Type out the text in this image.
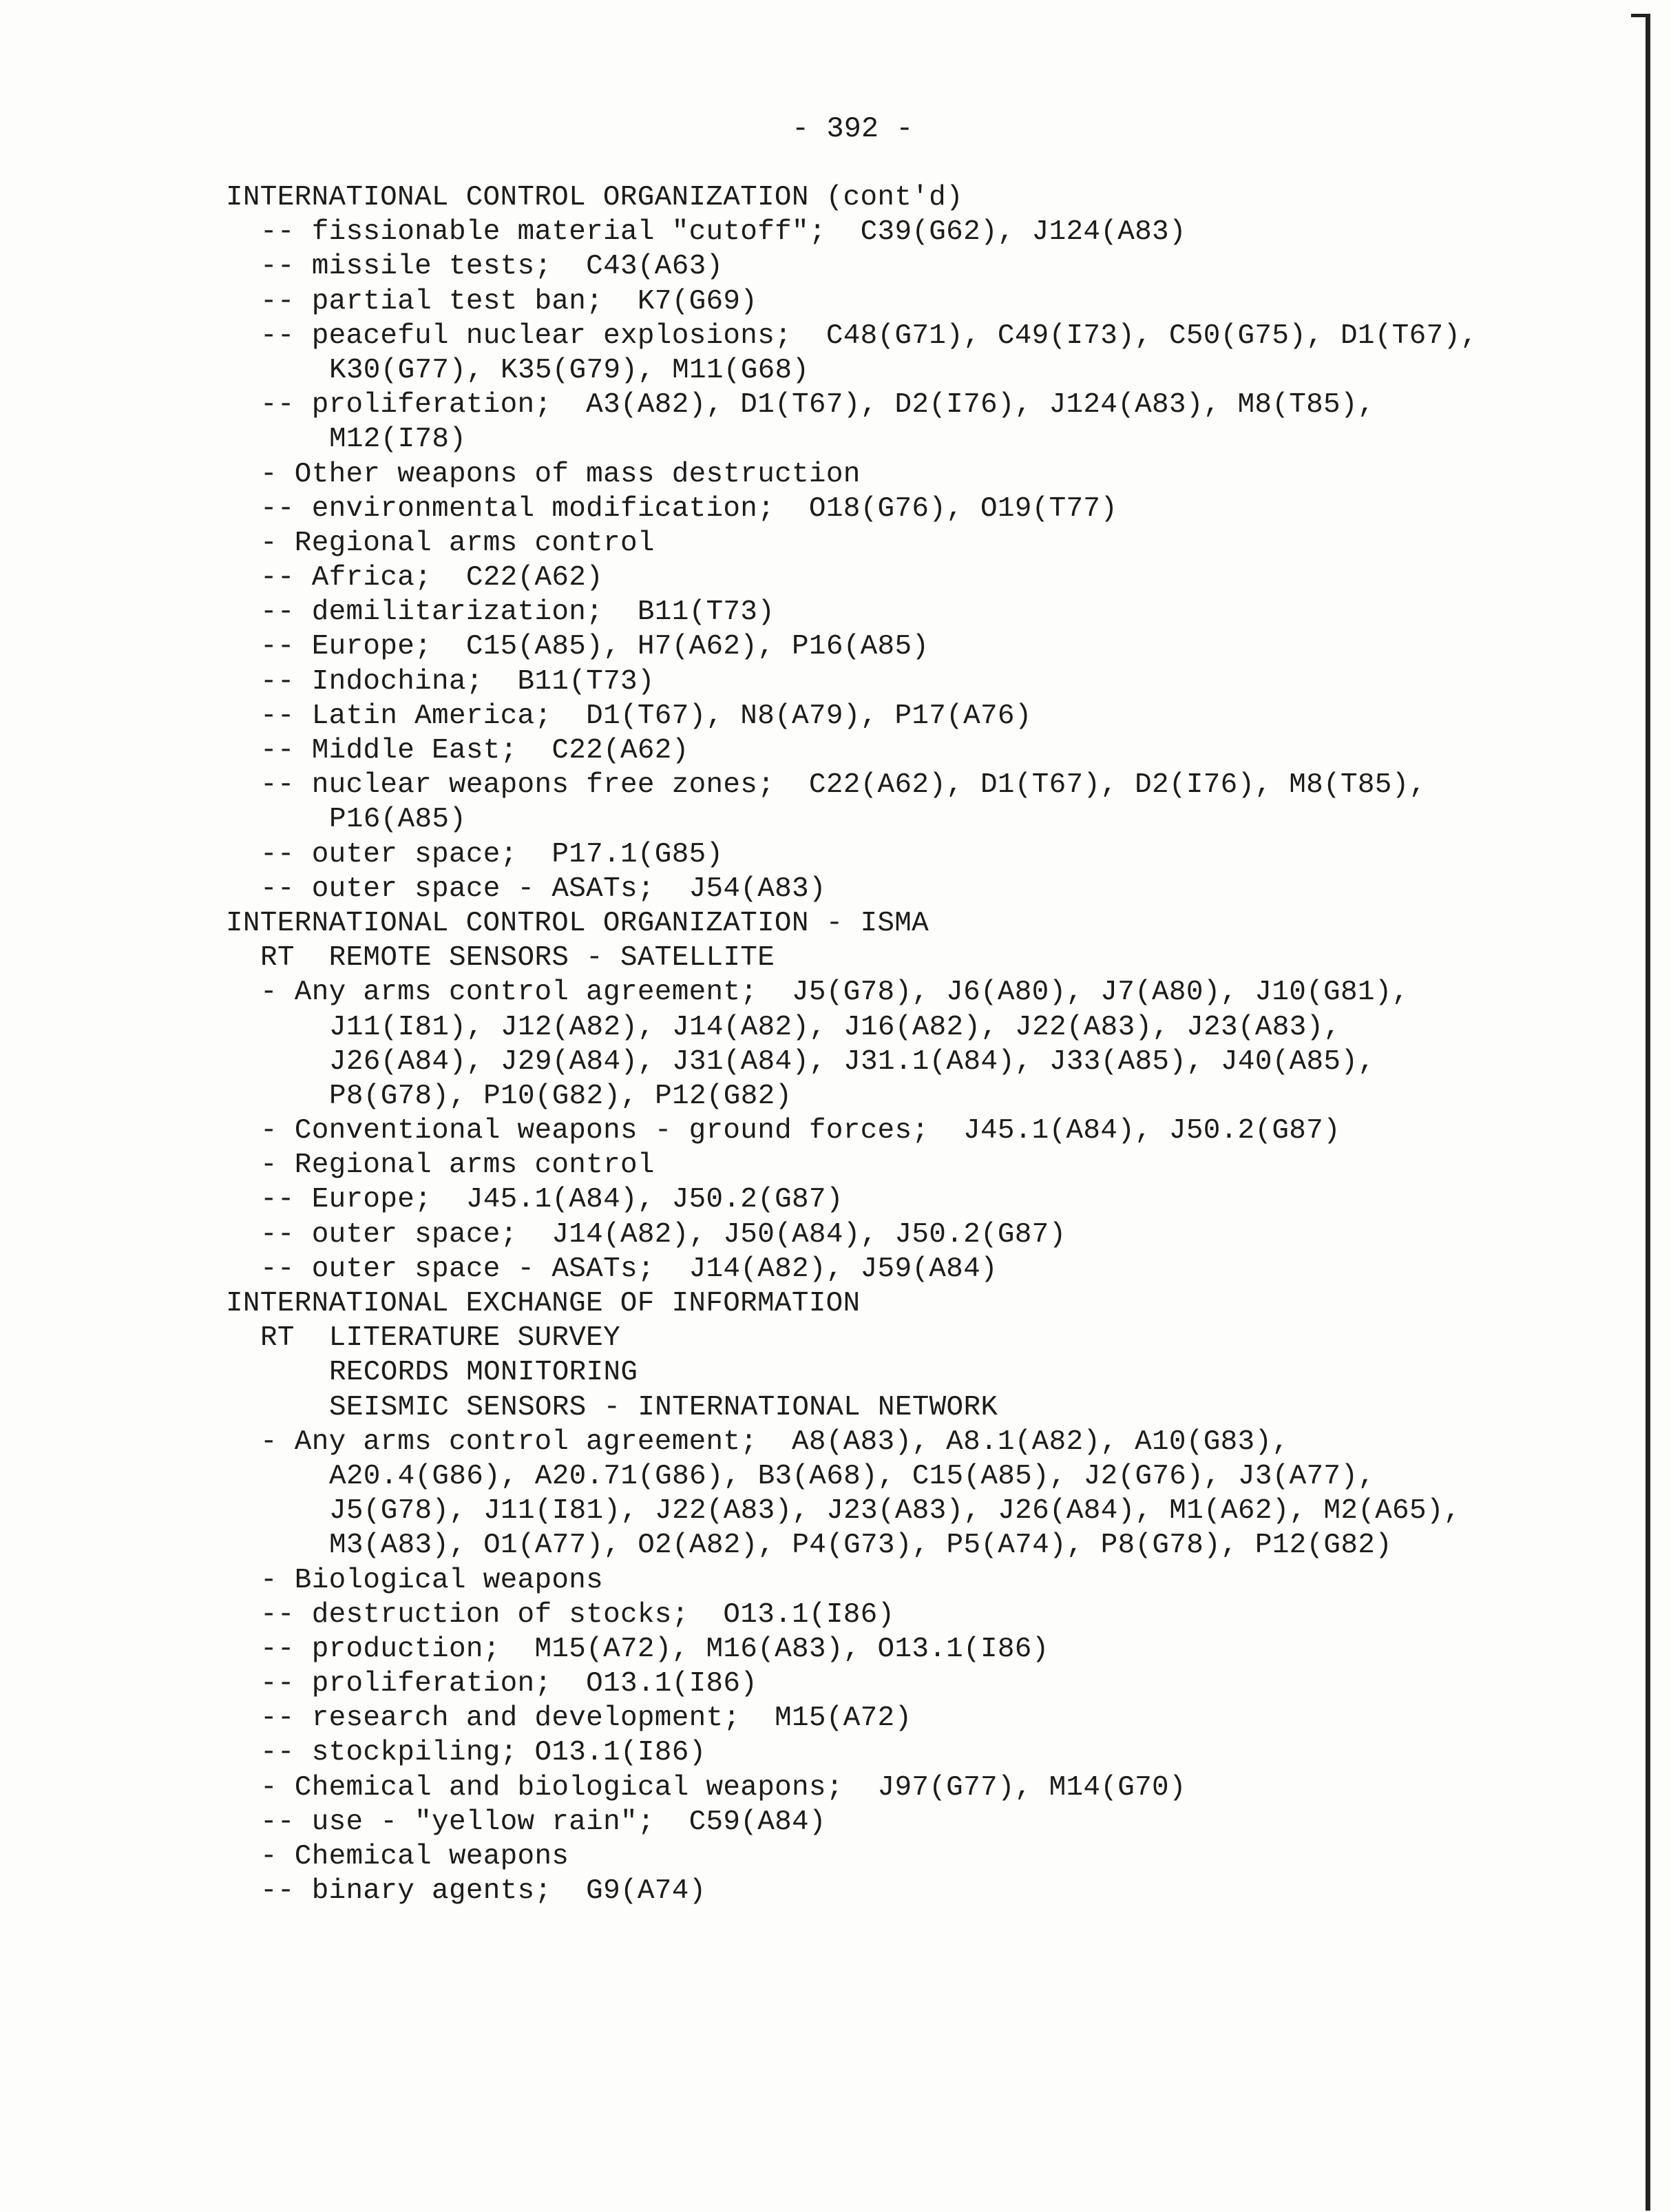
- 392 -
INTERNATIONAL CONTROL ORGANIZATION (cont'd)
-- fissionable material "cutoff";  C39(G62), J124(A83)
-- missile tests;  C43(A63)
-- partial test ban;  K7(G69)
-- peaceful nuclear explosions;  C48(G71), C49(I73), C50(G75), D1(T67),
K30(G77), K35(G79), M11(G68)
-- proliferation;  A3(A82), D1(T67), D2(I76), J124(A83), M8(T85),
M12(I78)
- Other weapons of mass destruction
-- environmental modification;  O18(G76), O19(T77)
- Regional arms control
-- Africa;  C22(A62)
-- demilitarization;  B11(T73)
-- Europe;  C15(A85), H7(A62), P16(A85)
-- Indochina;  B11(T73)
-- Latin America;  D1(T67), N8(A79), P17(A76)
-- Middle East;  C22(A62)
-- nuclear weapons free zones;  C22(A62), D1(T67), D2(I76), M8(T85),
P16(A85)
-- outer space;  P17.1(G85)
-- outer space - ASATs;  J54(A83)
INTERNATIONAL CONTROL ORGANIZATION - ISMA
RT  REMOTE SENSORS - SATELLITE
- Any arms control agreement;  J5(G78), J6(A80), J7(A80), J10(G81),
J11(I81), J12(A82), J14(A82), J16(A82), J22(A83), J23(A83),
J26(A84), J29(A84), J31(A84), J31.1(A84), J33(A85), J40(A85),
P8(G78), P10(G82), P12(G82)
- Conventional weapons - ground forces;  J45.1(A84), J50.2(G87)
- Regional arms control
-- Europe;  J45.1(A84), J50.2(G87)
-- outer space;  J14(A82), J50(A84), J50.2(G87)
-- outer space - ASATs;  J14(A82), J59(A84)
INTERNATIONAL EXCHANGE OF INFORMATION
RT  LITERATURE SURVEY
RECORDS MONITORING
SEISMIC SENSORS - INTERNATIONAL NETWORK
- Any arms control agreement;  A8(A83), A8.1(A82), A10(G83),
A20.4(G86), A20.71(G86), B3(A68), C15(A85), J2(G76), J3(A77),
J5(G78), J11(I81), J22(A83), J23(A83), J26(A84), M1(A62), M2(A65),
M3(A83), O1(A77), O2(A82), P4(G73), P5(A74), P8(G78), P12(G82)
- Biological weapons
-- destruction of stocks;  O13.1(I86)
-- production;  M15(A72), M16(A83), O13.1(I86)
-- proliferation;  O13.1(I86)
-- research and development;  M15(A72)
-- stockpiling; O13.1(I86)
- Chemical and biological weapons;  J97(G77), M14(G70)
-- use - "yellow rain";  C59(A84)
- Chemical weapons
-- binary agents;  G9(A74)
